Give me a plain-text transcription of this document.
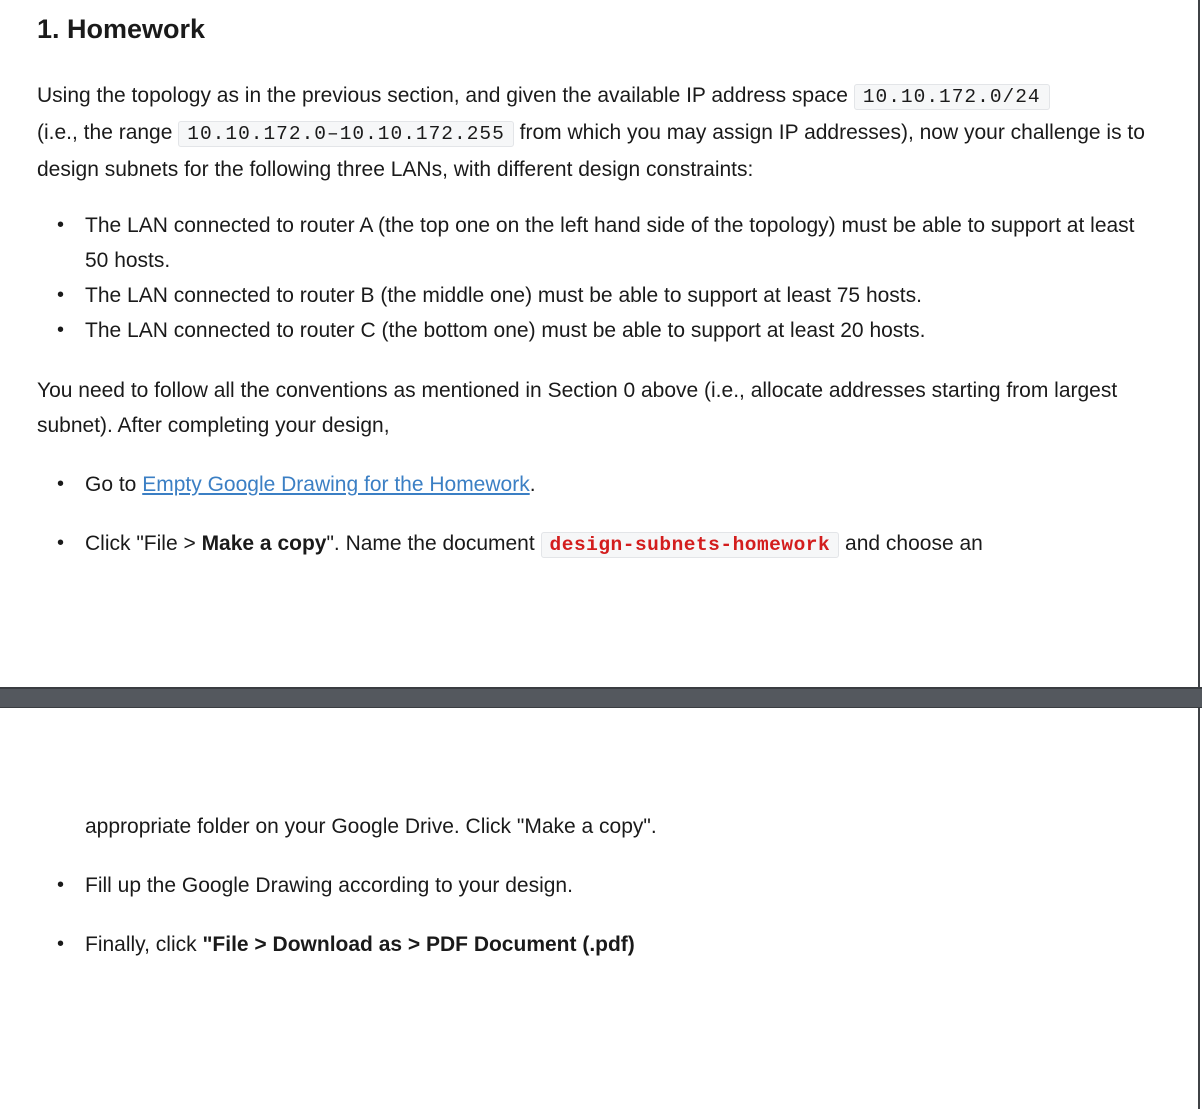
1. Homework

Using the topology as in the previous section, and given the available IP address space 10.10.172.0/24
(i.e., the range 10.10.172.0–10.10.172.255 from which you may assign IP addresses), now your challenge is to design subnets for the following three LANs, with different design constraints:

• The LAN connected to router A (the top one on the left hand side of the topology) must be able to support at least 50 hosts.
• The LAN connected to router B (the middle one) must be able to support at least 75 hosts.
• The LAN connected to router C (the bottom one) must be able to support at least 20 hosts.

You need to follow all the conventions as mentioned in Section 0 above (i.e., allocate addresses starting from largest subnet). After completing your design,

• Go to Empty Google Drawing for the Homework.
• Click "File > Make a copy". Name the document design-subnets-homework and choose an
appropriate folder on your Google Drive. Click "Make a copy".
• Fill up the Google Drawing according to your design.
• Finally, click "File > Download as > PDF Document (.pdf)
